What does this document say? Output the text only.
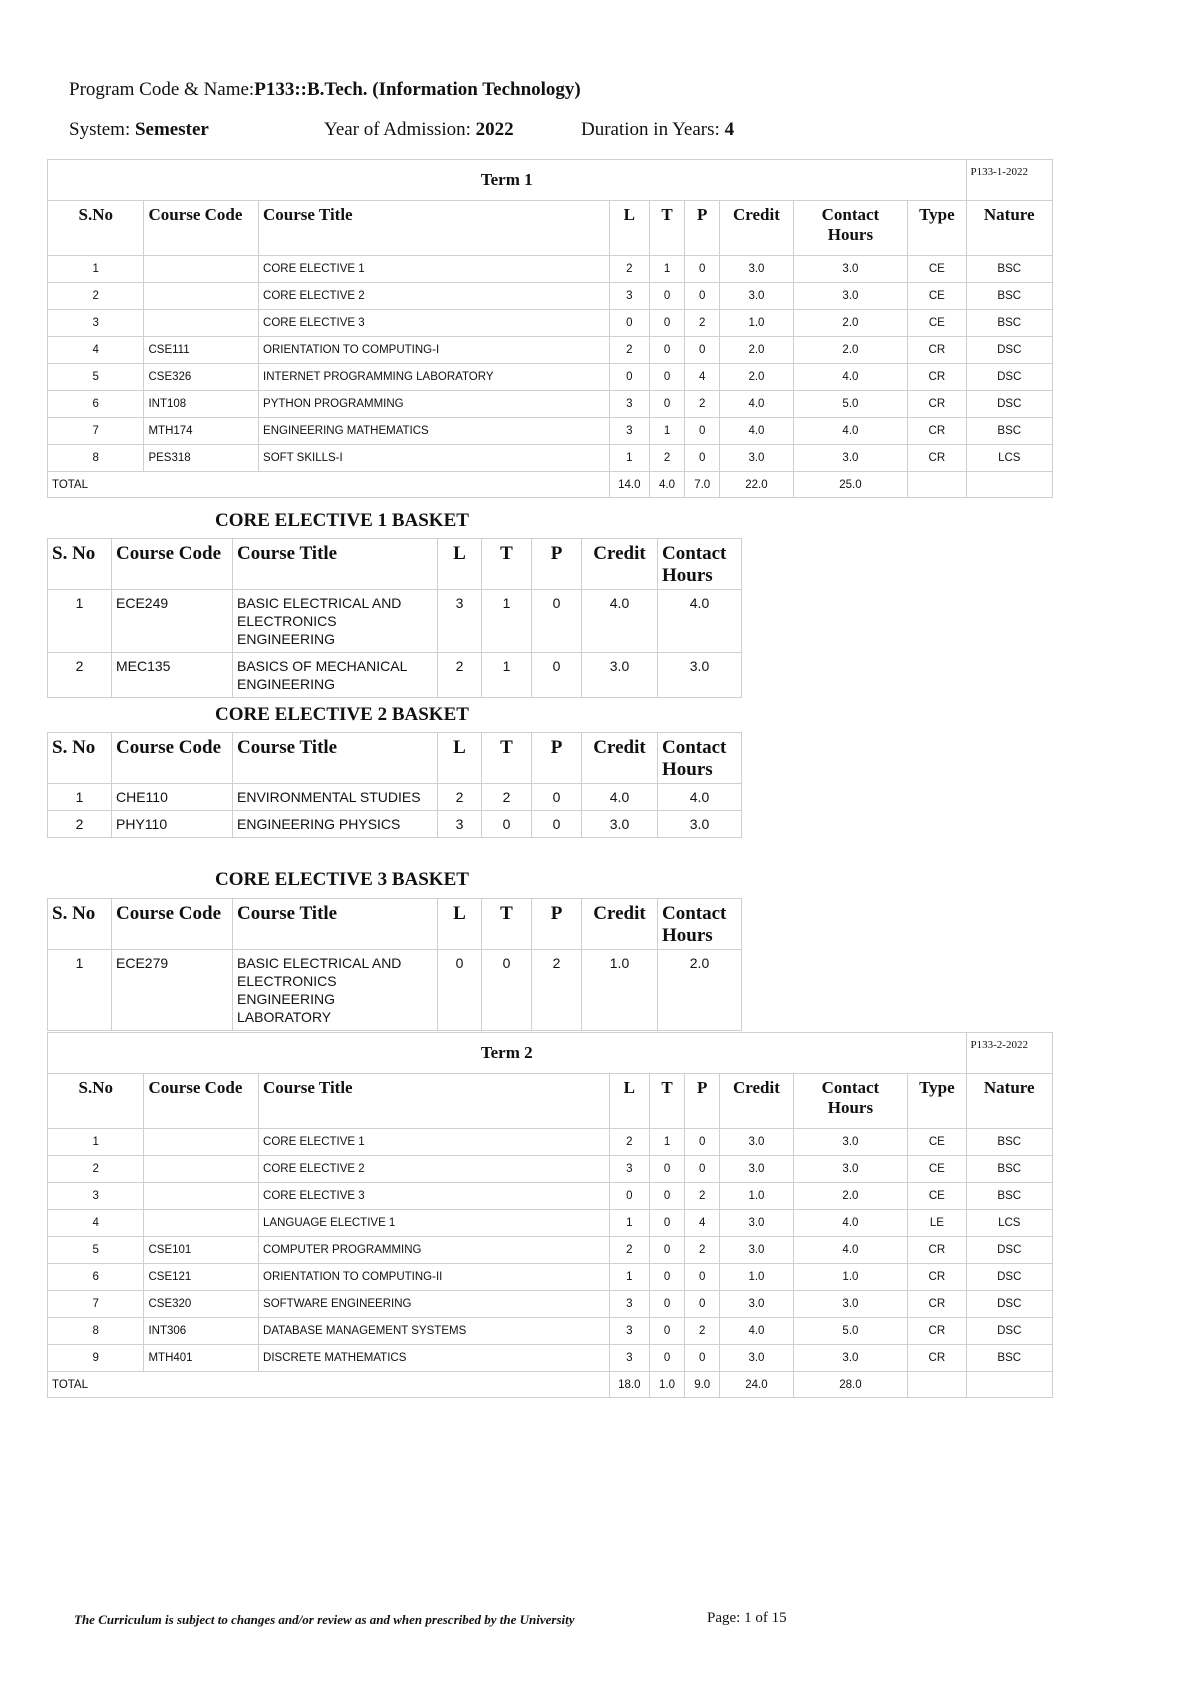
Program Code & Name:P133::B.Tech. (Information Technology)
System: Semester	Year of Admission: 2022	Duration in Years: 4
Term 1									P133-1-2022
S.No	Course Code	Course Title	L	T	P	Credit	Contact Hours	Type	Nature
1		CORE ELECTIVE 1	2	1	0	3.0	3.0	CE	BSC
2		CORE ELECTIVE 2	3	0	0	3.0	3.0	CE	BSC
3		CORE ELECTIVE 3	0	0	2	1.0	2.0	CE	BSC
4	CSE111	ORIENTATION TO COMPUTING-I	2	0	0	2.0	2.0	CR	DSC
5	CSE326	INTERNET PROGRAMMING LABORATORY	0	0	4	2.0	4.0	CR	DSC
6	INT108	PYTHON PROGRAMMING	3	0	2	4.0	5.0	CR	DSC
7	MTH174	ENGINEERING MATHEMATICS	3	1	0	4.0	4.0	CR	BSC
8	PES318	SOFT SKILLS-I	1	2	0	3.0	3.0	CR	LCS
TOTAL			14.0	4.0	7.0	22.0	25.0		
CORE ELECTIVE 1 BASKET
S. No	Course Code	Course Title	L	T	P	Credit	Contact Hours
1	ECE249	BASIC ELECTRICAL AND ELECTRONICS ENGINEERING	3	1	0	4.0	4.0
2	MEC135	BASICS OF MECHANICAL ENGINEERING	2	1	0	3.0	3.0
CORE ELECTIVE 2 BASKET
S. No	Course Code	Course Title	L	T	P	Credit	Contact Hours
1	CHE110	ENVIRONMENTAL STUDIES	2	2	0	4.0	4.0
2	PHY110	ENGINEERING PHYSICS	3	0	0	3.0	3.0
CORE ELECTIVE 3 BASKET
S. No	Course Code	Course Title	L	T	P	Credit	Contact Hours
1	ECE279	BASIC ELECTRICAL AND ELECTRONICS ENGINEERING LABORATORY	0	0	2	1.0	2.0
Term 2									P133-2-2022
S.No	Course Code	Course Title	L	T	P	Credit	Contact Hours	Type	Nature
1		CORE ELECTIVE 1	2	1	0	3.0	3.0	CE	BSC
2		CORE ELECTIVE 2	3	0	0	3.0	3.0	CE	BSC
3		CORE ELECTIVE 3	0	0	2	1.0	2.0	CE	BSC
4		LANGUAGE ELECTIVE 1	1	0	4	3.0	4.0	LE	LCS
5	CSE101	COMPUTER PROGRAMMING	2	0	2	3.0	4.0	CR	DSC
6	CSE121	ORIENTATION TO COMPUTING-II	1	0	0	1.0	1.0	CR	DSC
7	CSE320	SOFTWARE ENGINEERING	3	0	0	3.0	3.0	CR	DSC
8	INT306	DATABASE MANAGEMENT SYSTEMS	3	0	2	4.0	5.0	CR	DSC
9	MTH401	DISCRETE MATHEMATICS	3	0	0	3.0	3.0	CR	BSC
TOTAL			18.0	1.0	9.0	24.0	28.0		
The Curriculum is subject to changes and/or review as and when prescribed by the University	Page: 1 of 15
